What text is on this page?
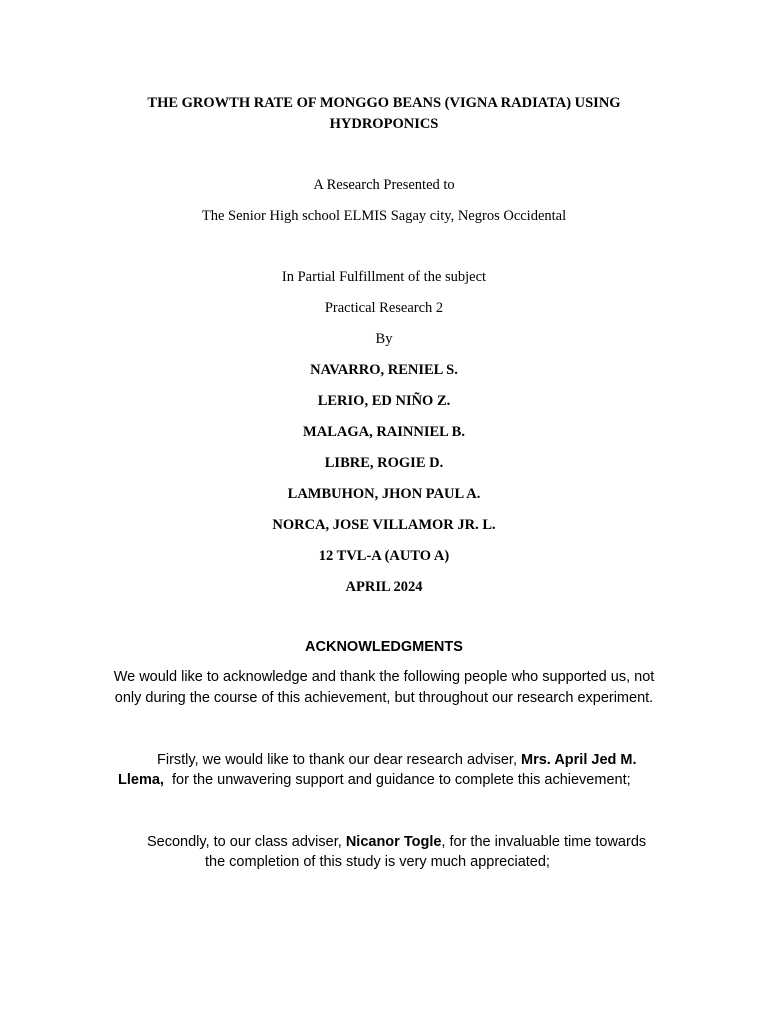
THE GROWTH RATE OF MONGGO BEANS (VIGNA RADIATA) USING

HYDROPONICS

A Research Presented to

The Senior High school ELMIS Sagay city, Negros Occidental

In Partial Fulfillment of the subject

Practical Research 2

By

NAVARRO, RENIEL S.

LERIO, ED NIÑO Z.

MALAGA, RAINNIEL B.

LIBRE, ROGIE D.

LAMBUHON, JHON PAUL A.

NORCA, JOSE VILLAMOR JR. L.

12 TVL-A (AUTO A)

APRIL 2024

ACKNOWLEDGMENTS

We would like to acknowledge and thank the following people who supported us, not

only during the course of this achievement, but throughout our research experiment.

Firstly, we would like to thank our dear research adviser, Mrs. April Jed M.

Llema,  for the unwavering support and guidance to complete this achievement;

Secondly, to our class adviser, Nicanor Togle, for the invaluable time towards

the completion of this study is very much appreciated;
